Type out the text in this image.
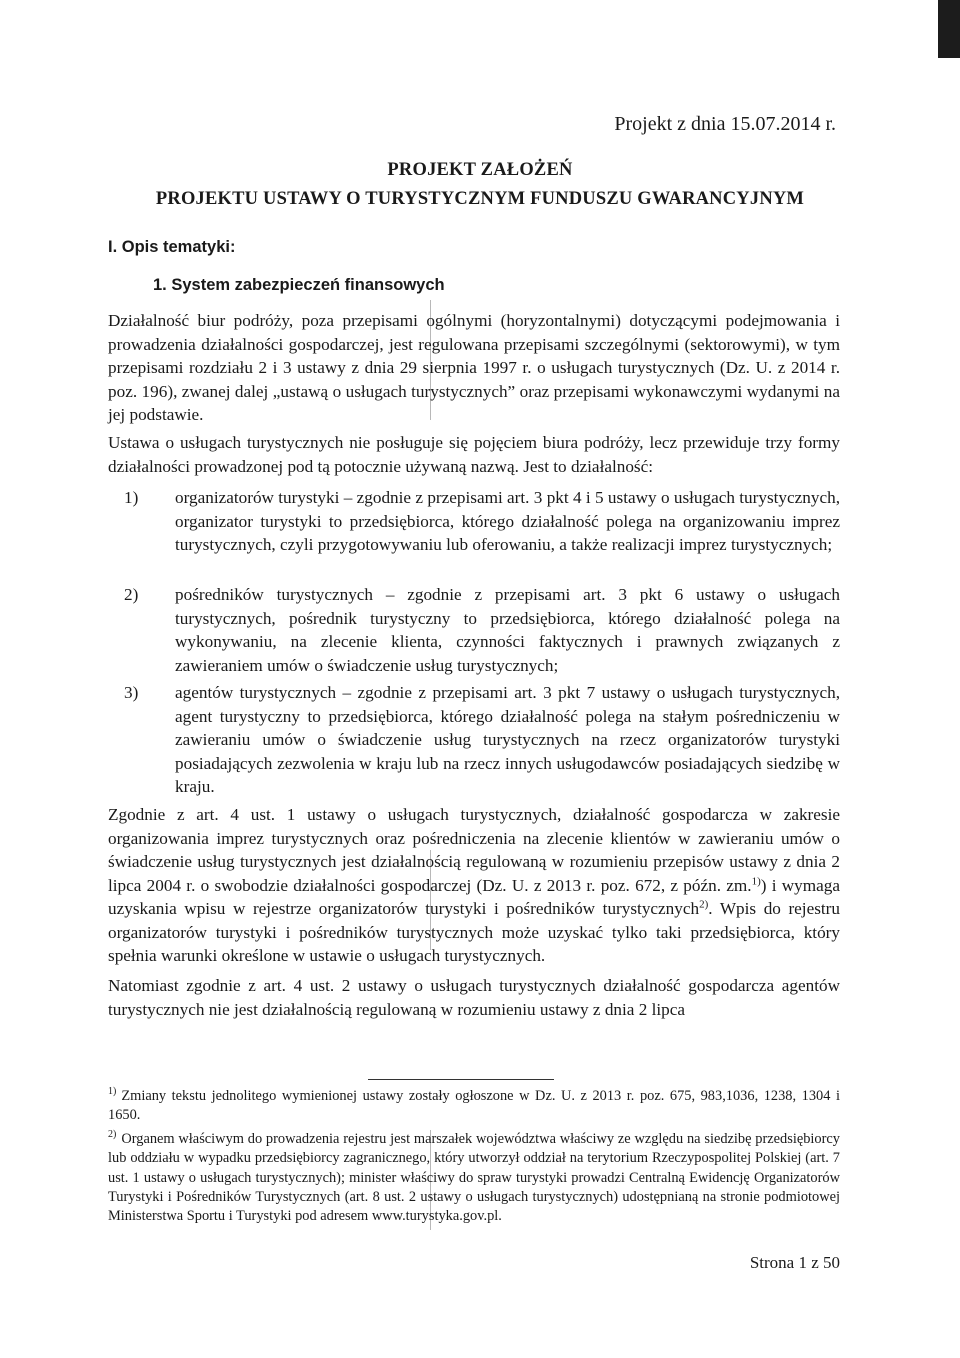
Projekt z dnia 15.07.2014 r.
PROJEKT ZAŁOŻEŃ
PROJEKTU USTAWY O TURYSTYCZNYM FUNDUSZU GWARANCYJNYM
I. Opis tematyki:
1. System zabezpieczeń finansowych

Działalność biur podróży, poza przepisami ogólnymi (horyzontalnymi) dotyczącymi podejmowania i prowadzenia działalności gospodarczej, jest regulowana przepisami szczególnymi (sektorowymi), w tym przepisami rozdziału 2 i 3 ustawy z dnia 29 sierpnia 1997 r. o usługach turystycznych (Dz. U. z 2014 r. poz. 196), zwanej dalej „ustawą o usługach turystycznych” oraz przepisami wykonawczymi wydanymi na jej podstawie.

Ustawa o usługach turystycznych nie posługuje się pojęciem biura podróży, lecz przewiduje trzy formy działalności prowadzonej pod tą potocznie używaną nazwą. Jest to działalność:

1) organizatorów turystyki – zgodnie z przepisami art. 3 pkt 4 i 5 ustawy o usługach turystycznych, organizator turystyki to przedsiębiorca, którego działalność polega na organizowaniu imprez turystycznych, czyli przygotowywaniu lub oferowaniu, a także realizacji imprez turystycznych;
2) pośredników turystycznych – zgodnie z przepisami art. 3 pkt 6 ustawy o usługach turystycznych, pośrednik turystyczny to przedsiębiorca, którego działalność polega na wykonywaniu, na zlecenie klienta, czynności faktycznych i prawnych związanych z zawieraniem umów o świadczenie usług turystycznych;
3) agentów turystycznych – zgodnie z przepisami art. 3 pkt 7 ustawy o usługach turystycznych, agent turystyczny to przedsiębiorca, którego działalność polega na stałym pośredniczeniu w zawieraniu umów o świadczenie usług turystycznych na rzecz organizatorów turystyki posiadających zezwolenia w kraju lub na rzecz innych usługodawców posiadających siedzibę w kraju.

Zgodnie z art. 4 ust. 1 ustawy o usługach turystycznych, działalność gospodarcza w zakresie organizowania imprez turystycznych oraz pośredniczenia na zlecenie klientów w zawieraniu umów o świadczenie usług turystycznych jest działalnością regulowaną w rozumieniu przepisów ustawy z dnia 2 lipca 2004 r. o swobodzie działalności gospodarczej (Dz. U. z 2013 r. poz. 672, z późn. zm.$^{1)}$) i wymaga uzyskania wpisu w rejestrze organizatorów turystyki i pośredników turystycznych$^{2)}$. Wpis do rejestru organizatorów turystyki i pośredników turystycznych może uzyskać tylko taki przedsiębiorca, który spełnia warunki określone w ustawie o usługach turystycznych.

Natomiast zgodnie z art. 4 ust. 2 ustawy o usługach turystycznych działalność gospodarcza agentów turystycznych nie jest działalnością regulowaną w rozumieniu ustawy z dnia 2 lipca

$^{1)}$ Zmiany tekstu jednolitego wymienionej ustawy zostały ogłoszone w Dz. U. z 2013 r. poz. 675, 983,1036, 1238, 1304 i 1650.

$^{2)}$ Organem właściwym do prowadzenia rejestru jest marszałek województwa właściwy ze względu na siedzibę przedsiębiorcy lub oddziału w wypadku przedsiębiorcy zagranicznego, który utworzył oddział na terytorium Rzeczypospolitej Polskiej (art. 7 ust. 1 ustawy o usługach turystycznych); minister właściwy do spraw turystyki prowadzi Centralną Ewidencję Organizatorów Turystyki i Pośredników Turystycznych (art. 8 ust. 2 ustawy o usługach turystycznych) udostępnianą na stronie podmiotowej Ministerstwa Sportu i Turystyki pod adresem www.turystyka.gov.pl.

Strona 1 z 50
